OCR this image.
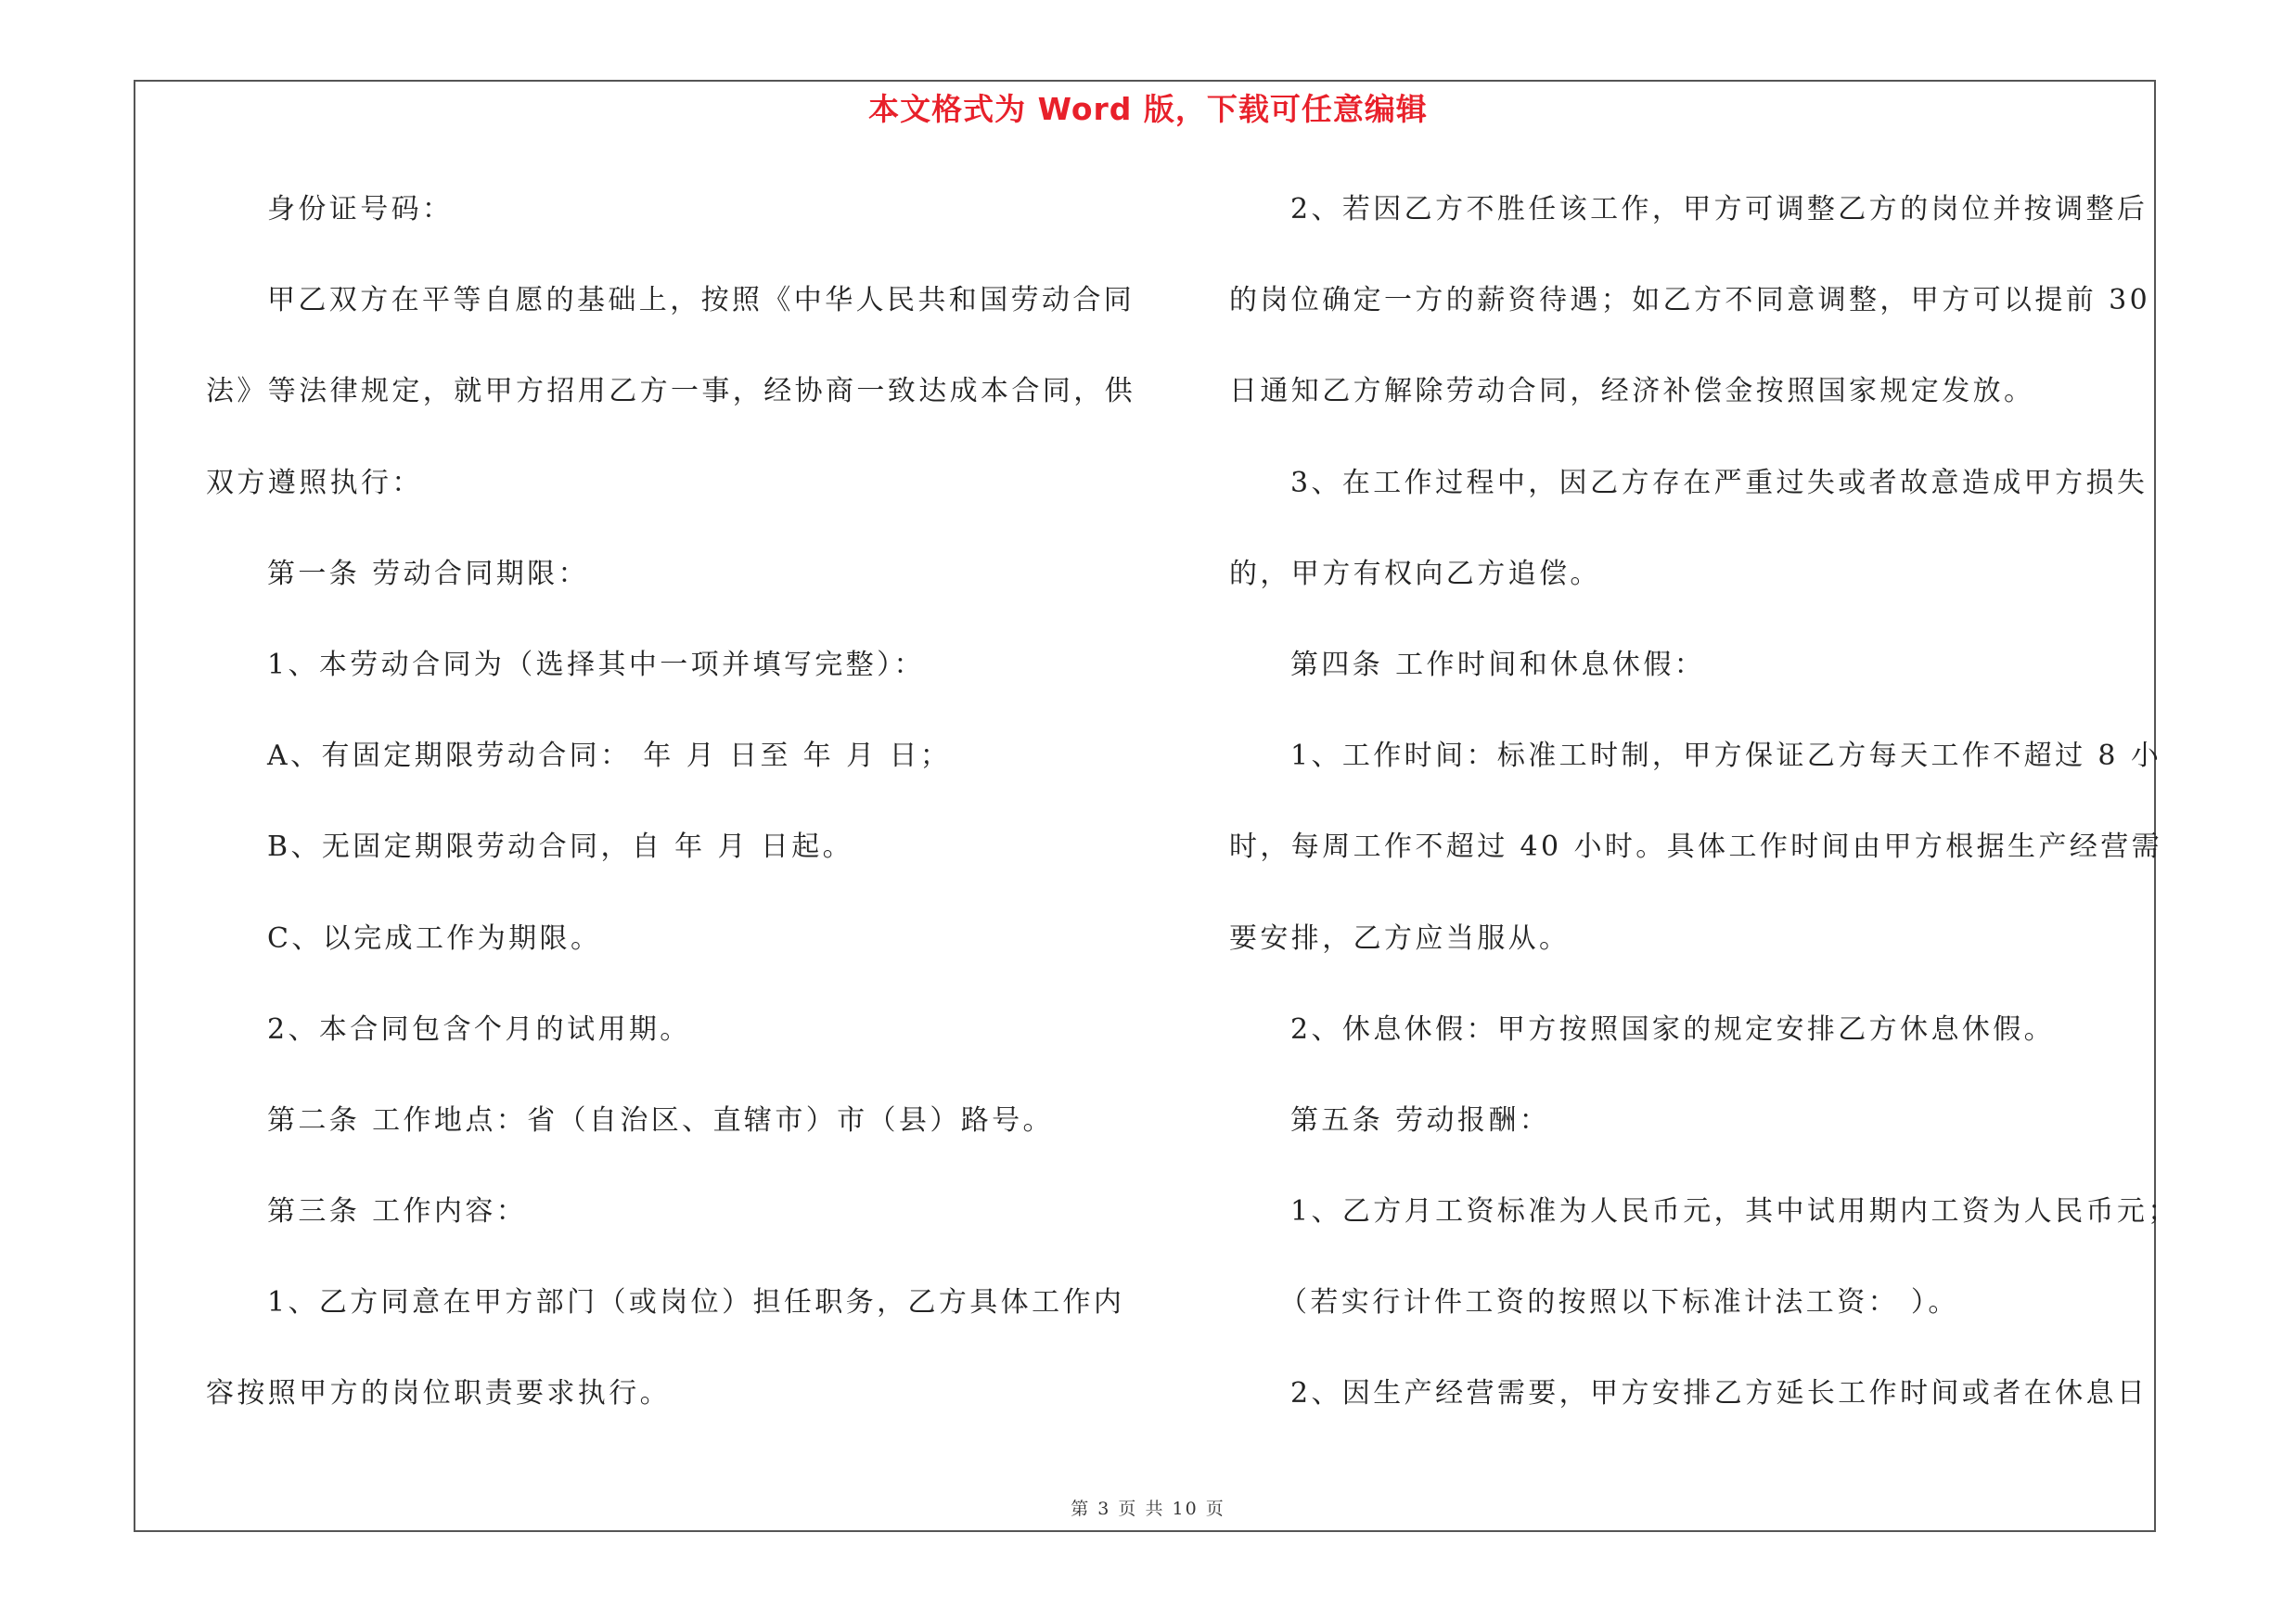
本文格式为 Word 版，下载可任意编辑
身份证号码：
甲乙双方在平等自愿的基础上，按照《中华人民共和国劳动合同
法》等法律规定，就甲方招用乙方一事，经协商一致达成本合同，供
双方遵照执行：
第一条 劳动合同期限：
1、本劳动合同为（选择其中一项并填写完整）：
A、有固定期限劳动合同： 年 月 日至 年 月 日；
B、无固定期限劳动合同，自 年 月 日起。
C、以完成工作为期限。
2、本合同包含个月的试用期。
第二条 工作地点：省（自治区、直辖市）市（县）路号。
第三条 工作内容：
1、乙方同意在甲方部门（或岗位）担任职务，乙方具体工作内
容按照甲方的岗位职责要求执行。
2、若因乙方不胜任该工作，甲方可调整乙方的岗位并按调整后
的岗位确定一方的薪资待遇；如乙方不同意调整，甲方可以提前 30
日通知乙方解除劳动合同，经济补偿金按照国家规定发放。
3、在工作过程中，因乙方存在严重过失或者故意造成甲方损失
的，甲方有权向乙方追偿。
第四条 工作时间和休息休假：
1、工作时间：标准工时制，甲方保证乙方每天工作不超过 8 小
时，每周工作不超过 40 小时。具体工作时间由甲方根据生产经营需
要安排，乙方应当服从。
2、休息休假：甲方按照国家的规定安排乙方休息休假。
第五条 劳动报酬：
1、乙方月工资标准为人民币元，其中试用期内工资为人民币元；
（若实行计件工资的按照以下标准计法工资： ）。
2、因生产经营需要，甲方安排乙方延长工作时间或者在休息日
第 3 页 共 10 页
